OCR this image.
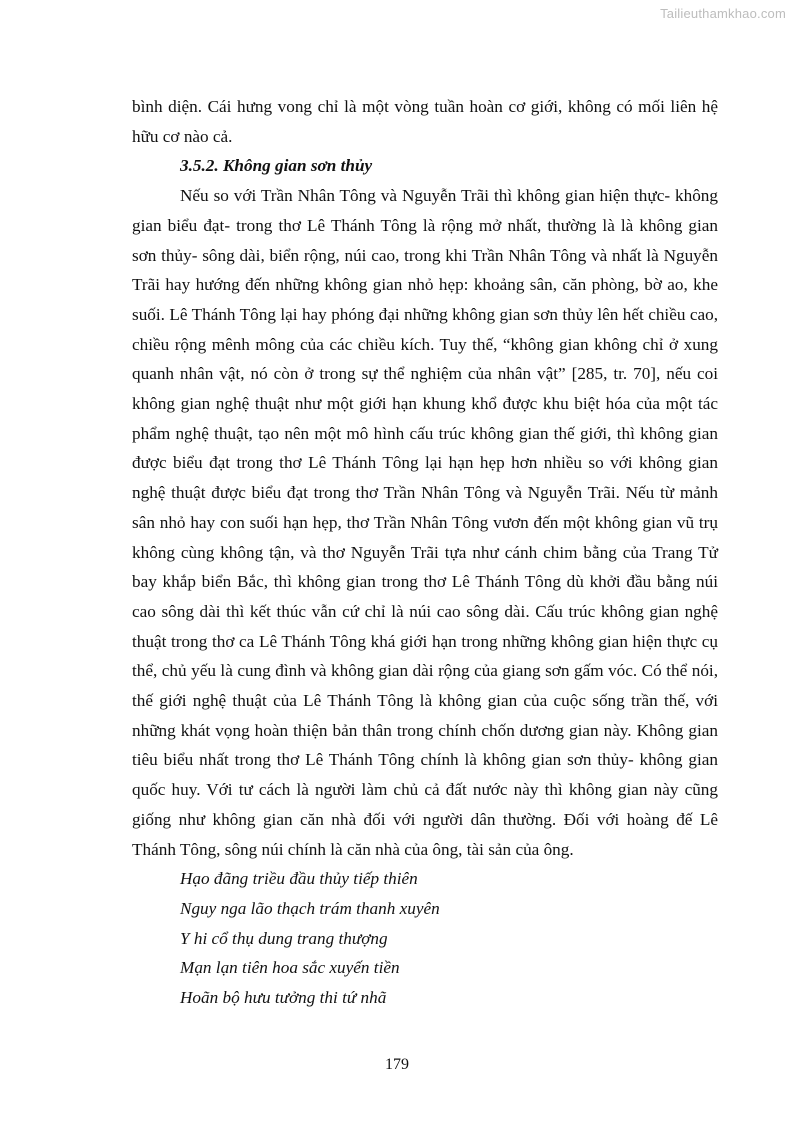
Tailieuthamkhao.com

bình diện. Cái hưng vong chỉ là một vòng tuần hoàn cơ giới, không có mối liên hệ hữu cơ nào cả.

3.5.2. Không gian sơn thủy

Nếu so với Trần Nhân Tông và Nguyễn Trãi thì không gian hiện thực- không gian biểu đạt- trong thơ Lê Thánh Tông là rộng mở nhất, thường là là không gian sơn thủy- sông dài, biển rộng, núi cao, trong khi Trần Nhân Tông và nhất là Nguyễn Trãi hay hướng đến những không gian nhỏ hẹp: khoảng sân, căn phòng, bờ ao, khe suối. Lê Thánh Tông lại hay phóng đại những không gian sơn thủy lên hết chiều cao, chiều rộng mênh mông của các chiều kích. Tuy thế, “không gian không chỉ ở xung quanh nhân vật, nó còn ở trong sự thể nghiệm của nhân vật” [285, tr. 70], nếu coi không gian nghệ thuật như một giới hạn khung khổ được khu biệt hóa của một tác phẩm nghệ thuật, tạo nên một mô hình cấu trúc không gian thế giới, thì không gian được biểu đạt trong thơ Lê Thánh Tông lại hạn hẹp hơn nhiều so với không gian nghệ thuật được biểu đạt trong thơ Trần Nhân Tông và Nguyễn Trãi. Nếu từ mảnh sân nhỏ hay con suối hạn hẹp, thơ Trần Nhân Tông vươn đến một không gian vũ trụ không cùng không tận, và thơ Nguyễn Trãi tựa như cánh chim bằng của Trang Tử bay khắp biển Bắc, thì không gian trong thơ Lê Thánh Tông dù khởi đầu bằng núi cao sông dài thì kết thúc vẫn cứ chỉ là núi cao sông dài. Cấu trúc không gian nghệ thuật trong thơ ca Lê Thánh Tông khá giới hạn trong những không gian hiện thực cụ thể, chủ yếu là cung đình và không gian dài rộng của giang sơn gấm vóc. Có thể nói, thế giới nghệ thuật của Lê Thánh Tông là không gian của cuộc sống trần thế, với những khát vọng hoàn thiện bản thân trong chính chốn dương gian này. Không gian tiêu biểu nhất trong thơ Lê Thánh Tông chính là không gian sơn thủy- không gian quốc huy. Với tư cách là người làm chủ cả đất nước này thì không gian này cũng giống như không gian căn nhà đối với người dân thường. Đối với hoàng đế Lê Thánh Tông, sông núi chính là căn nhà của ông, tài sản của ông.

Hạo đãng triều đầu thủy tiếp thiên
Nguy nga lão thạch trám thanh xuyên
Y hi cổ thụ dung trang thượng
Mạn lạn tiên hoa sắc xuyến tiền
Hoãn bộ hưu tưởng thi tứ nhã
179
